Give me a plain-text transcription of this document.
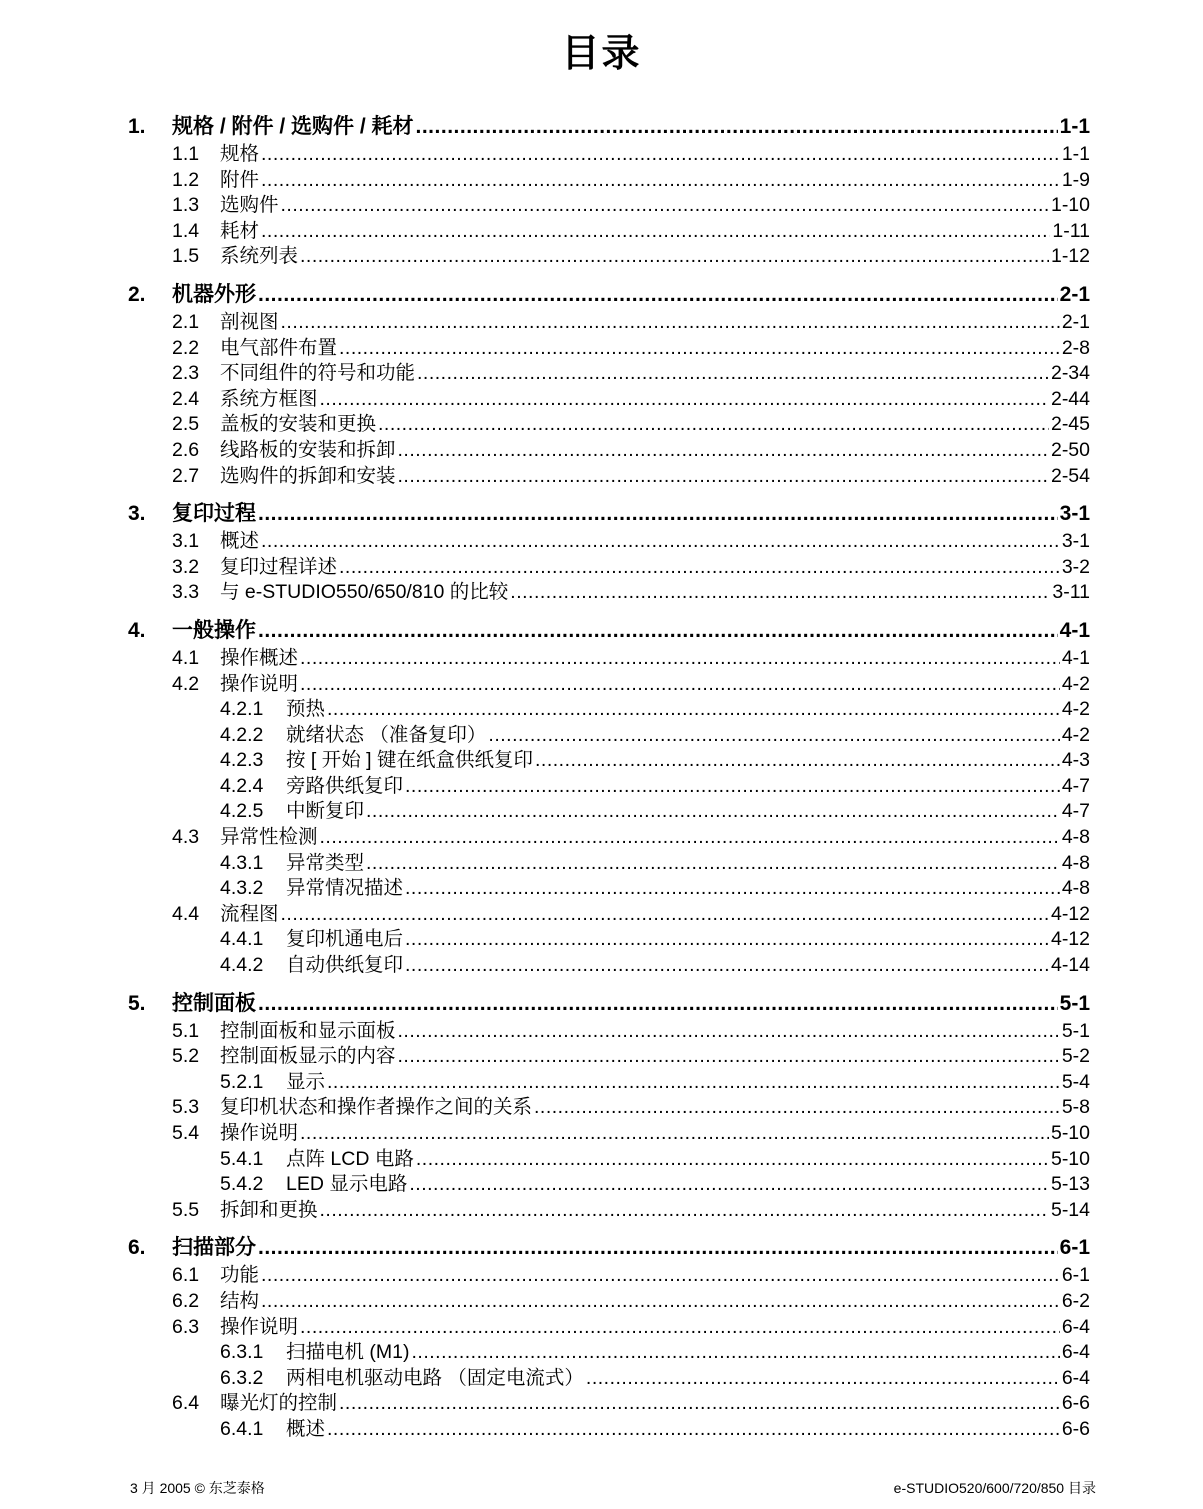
目录
1.	规格 / 附件 / 选购件 / 耗材 .....	1-1
1.1	规格 .....	1-1
1.2	附件 .....	1-9
1.3	选购件 .....	1-10
1.4	耗材 .....	1-11
1.5	系统列表 .....	1-12
2.	机器外形 .....	2-1
2.1	剖视图 .....	2-1
2.2	电气部件布置 .....	2-8
2.3	不同组件的符号和功能 .....	2-34
2.4	系统方框图 .....	2-44
2.5	盖板的安装和更换 .....	2-45
2.6	线路板的安装和拆卸 .....	2-50
2.7	选购件的拆卸和安装 .....	2-54
3.	复印过程 .....	3-1
3.1	概述 .....	3-1
3.2	复印过程详述 .....	3-2
3.3	与 e-STUDIO550/650/810 的比较 .....	3-11
4.	一般操作 .....	4-1
4.1	操作概述 .....	4-1
4.2	操作说明 .....	4-2
4.2.1	预热 .....	4-2
4.2.2	就绪状态 （准备复印） .....	4-2
4.2.3	按 [ 开始 ] 键在纸盒供纸复印 .....	4-3
4.2.4	旁路供纸复印 .....	4-7
4.2.5	中断复印 .....	4-7
4.3	异常性检测 .....	4-8
4.3.1	异常类型 .....	4-8
4.3.2	异常情况描述 .....	4-8
4.4	流程图 .....	4-12
4.4.1	复印机通电后 .....	4-12
4.4.2	自动供纸复印 .....	4-14
5.	控制面板 .....	5-1
5.1	控制面板和显示面板 .....	5-1
5.2	控制面板显示的内容 .....	5-2
5.2.1	显示 .....	5-4
5.3	复印机状态和操作者操作之间的关系 .....	5-8
5.4	操作说明 .....	5-10
5.4.1	点阵 LCD 电路 .....	5-10
5.4.2	LED 显示电路 .....	5-13
5.5	拆卸和更换 .....	5-14
6.	扫描部分 .....	6-1
6.1	功能 .....	6-1
6.2	结构 .....	6-2
6.3	操作说明 .....	6-4
6.3.1	扫描电机 (M1) .....	6-4
6.3.2	两相电机驱动电路 （固定电流式） .....	6-4
6.4	曝光灯的控制 .....	6-6
6.4.1	概述 .....	6-6
3 月 2005 © 东芝泰格	e-STUDIO520/600/720/850 目录
